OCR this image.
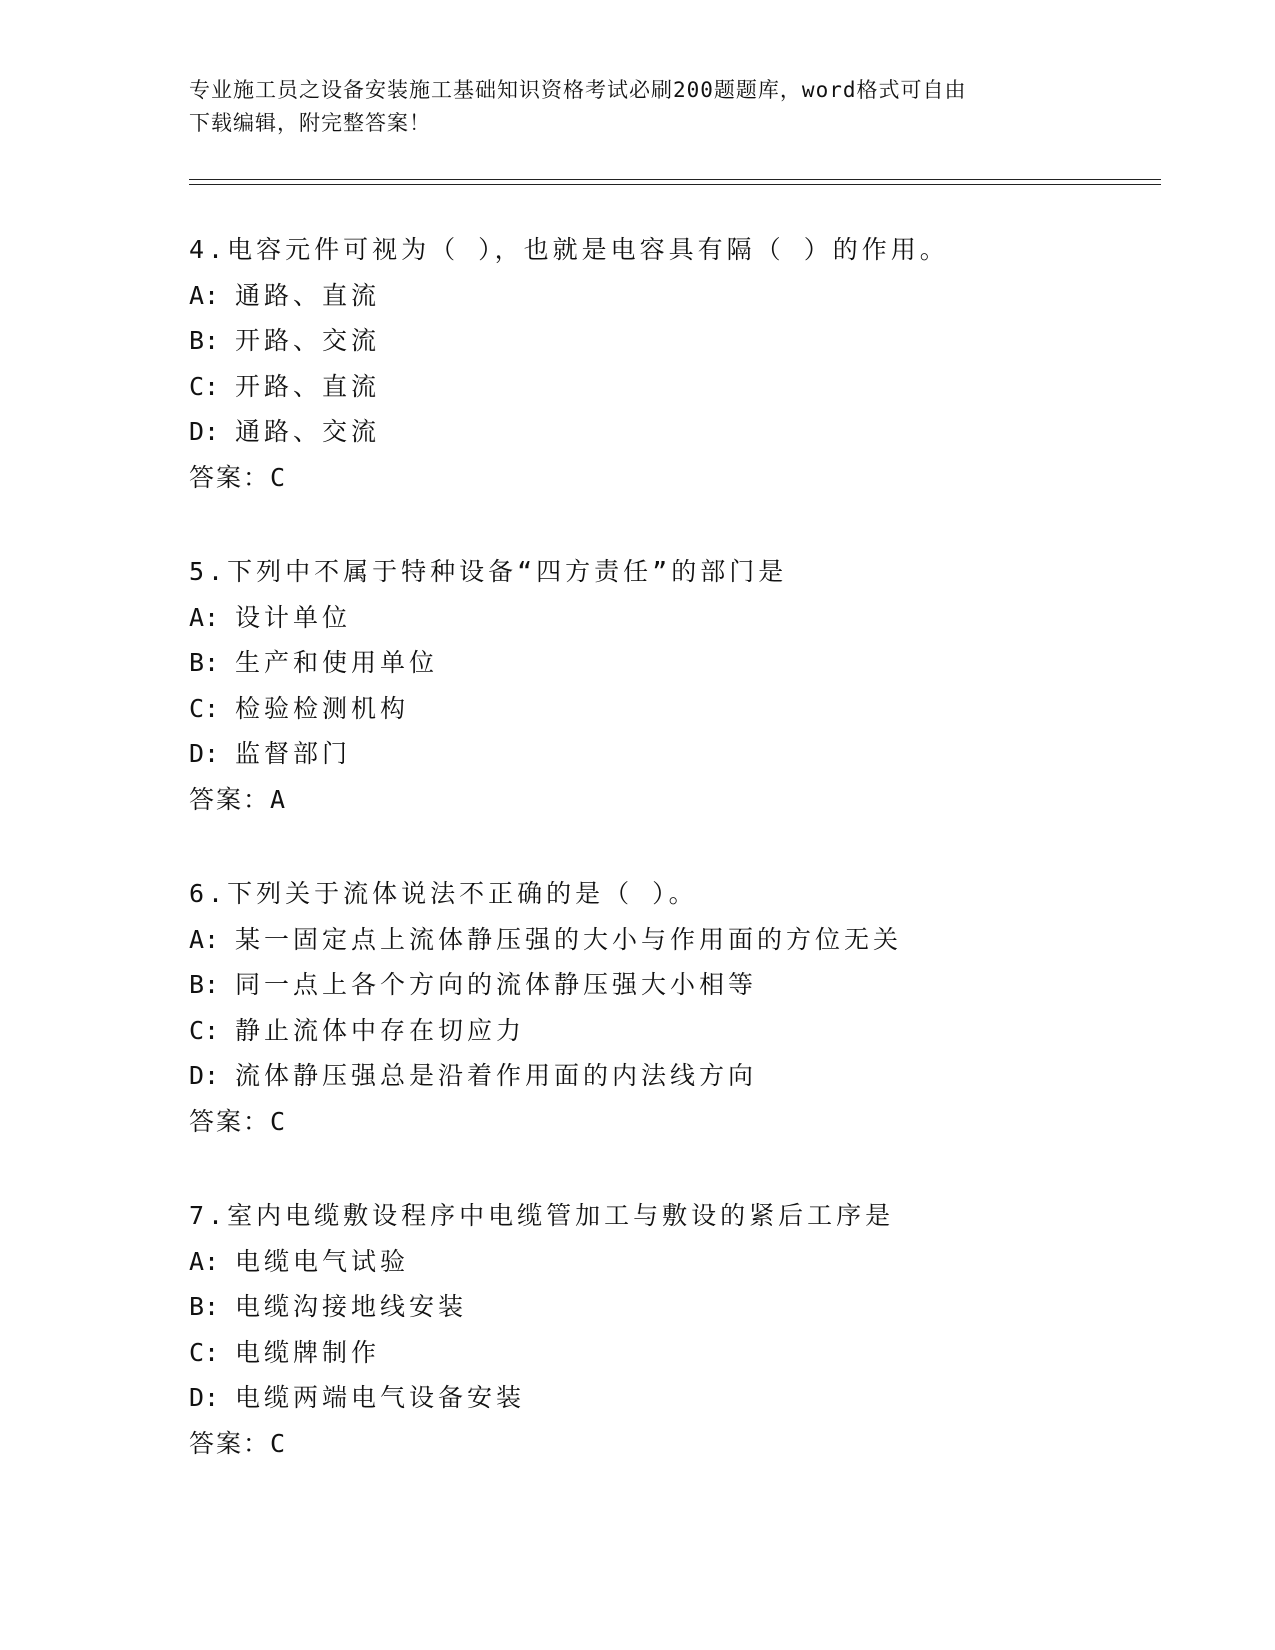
专业施工员之设备安装施工基础知识资格考试必刷200题题库，word格式可自由
下载编辑，附完整答案！
4.电容元件可视为（ ），也就是电容具有隔（ ）的作用。
A: 通路、直流
B: 开路、交流
C: 开路、直流
D: 通路、交流
答案：C
5.下列中不属于特种设备“四方责任”的部门是
A: 设计单位
B: 生产和使用单位
C: 检验检测机构
D: 监督部门
答案：A
6.下列关于流体说法不正确的是（ ）。
A: 某一固定点上流体静压强的大小与作用面的方位无关
B: 同一点上各个方向的流体静压强大小相等
C: 静止流体中存在切应力
D: 流体静压强总是沿着作用面的内法线方向
答案：C
7.室内电缆敷设程序中电缆管加工与敷设的紧后工序是
A: 电缆电气试验
B: 电缆沟接地线安装
C: 电缆牌制作
D: 电缆两端电气设备安装
答案：C
